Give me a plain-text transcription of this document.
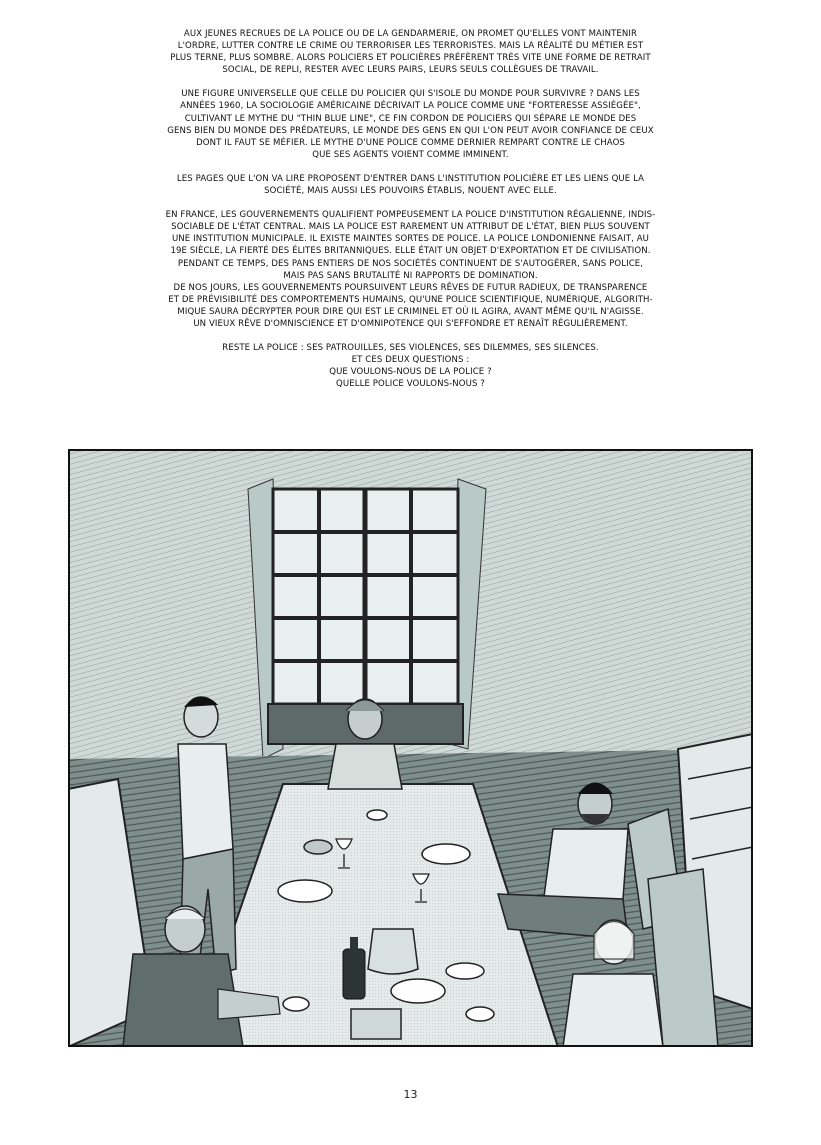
AUX JEUNES RECRUES DE LA POLICE OU DE LA GENDARMERIE, ON PROMET QU'ELLES VONT MAINTENIR
L'ORDRE, LUTTER CONTRE LE CRIME OU TERRORISER LES TERRORISTES. MAIS LA RÉALITÉ DU MÉTIER EST
PLUS TERNE, PLUS SOMBRE. ALORS POLICIERS ET POLICIÈRES PRÉFÈRENT TRÈS VITE UNE FORME DE RETRAIT
SOCIAL, DE REPLI, RESTER AVEC LEURS PAIRS, LEURS SEULS COLLÈGUES DE TRAVAIL.

UNE FIGURE UNIVERSELLE QUE CELLE DU POLICIER QUI S'ISOLE DU MONDE POUR SURVIVRE ? DANS LES
ANNÉES 1960, LA SOCIOLOGIE AMÉRICAINE DÉCRIVAIT LA POLICE COMME UNE "FORTERESSE ASSIÉGÉE",
CULTIVANT LE MYTHE DU "THIN BLUE LINE", CE FIN CORDON DE POLICIERS QUI SÉPARE LE MONDE DES
GENS BIEN DU MONDE DES PRÉDATEURS, LE MONDE DES GENS EN QUI L'ON PEUT AVOIR CONFIANCE DE CEUX
DONT IL FAUT SE MÉFIER. LE MYTHE D'UNE POLICE COMME DERNIER REMPART CONTRE LE CHAOS
QUE SES AGENTS VOIENT COMME IMMINENT.

LES PAGES QUE L'ON VA LIRE PROPOSENT D'ENTRER DANS L'INSTITUTION POLICIÈRE ET LES LIENS QUE LA
SOCIÉTÉ, MAIS AUSSI LES POUVOIRS ÉTABLIS, NOUENT AVEC ELLE.

EN FRANCE, LES GOUVERNEMENTS QUALIFIENT POMPEUSEMENT LA POLICE D'INSTITUTION RÉGALIENNE, INDIS-
SOCIABLE DE L'ÉTAT CENTRAL. MAIS LA POLICE EST RAREMENT UN ATTRIBUT DE L'ÉTAT, BIEN PLUS SOUVENT
UNE INSTITUTION MUNICIPALE. IL EXISTE MAINTES SORTES DE POLICE. LA POLICE LONDONIENNE FAISAIT, AU
19E SIÈCLE, LA FIERTÉ DES ÉLITES BRITANNIQUES. ELLE ÉTAIT UN OBJET D'EXPORTATION ET DE CIVILISATION.
PENDANT CE TEMPS, DES PANS ENTIERS DE NOS SOCIÉTÉS CONTINUENT DE S'AUTOGÉRER, SANS POLICE,
MAIS PAS SANS BRUTALITÉ NI RAPPORTS DE DOMINATION.
DE NOS JOURS, LES GOUVERNEMENTS POURSUIVENT LEURS RÊVES DE FUTUR RADIEUX, DE TRANSPARENCE
ET DE PRÉVISIBILITÉ DES COMPORTEMENTS HUMAINS, QU'UNE POLICE SCIENTIFIQUE, NUMÉRIQUE, ALGORITH-
MIQUE SAURA DÉCRYPTER POUR DIRE QUI EST LE CRIMINEL ET OÙ IL AGIRA, AVANT MÊME QU'IL N'AGISSE.
UN VIEUX RÊVE D'OMNISCIENCE ET D'OMNIPOTENCE QUI S'EFFONDRE ET RENAÎT RÉGULIÈREMENT.

RESTE LA POLICE : SES PATROUILLES, SES VIOLENCES, SES DILEMMES, SES SILENCES.
ET CES DEUX QUESTIONS :
QUE VOULONS-NOUS DE LA POLICE ?
QUELLE POLICE VOULONS-NOUS ?

13
